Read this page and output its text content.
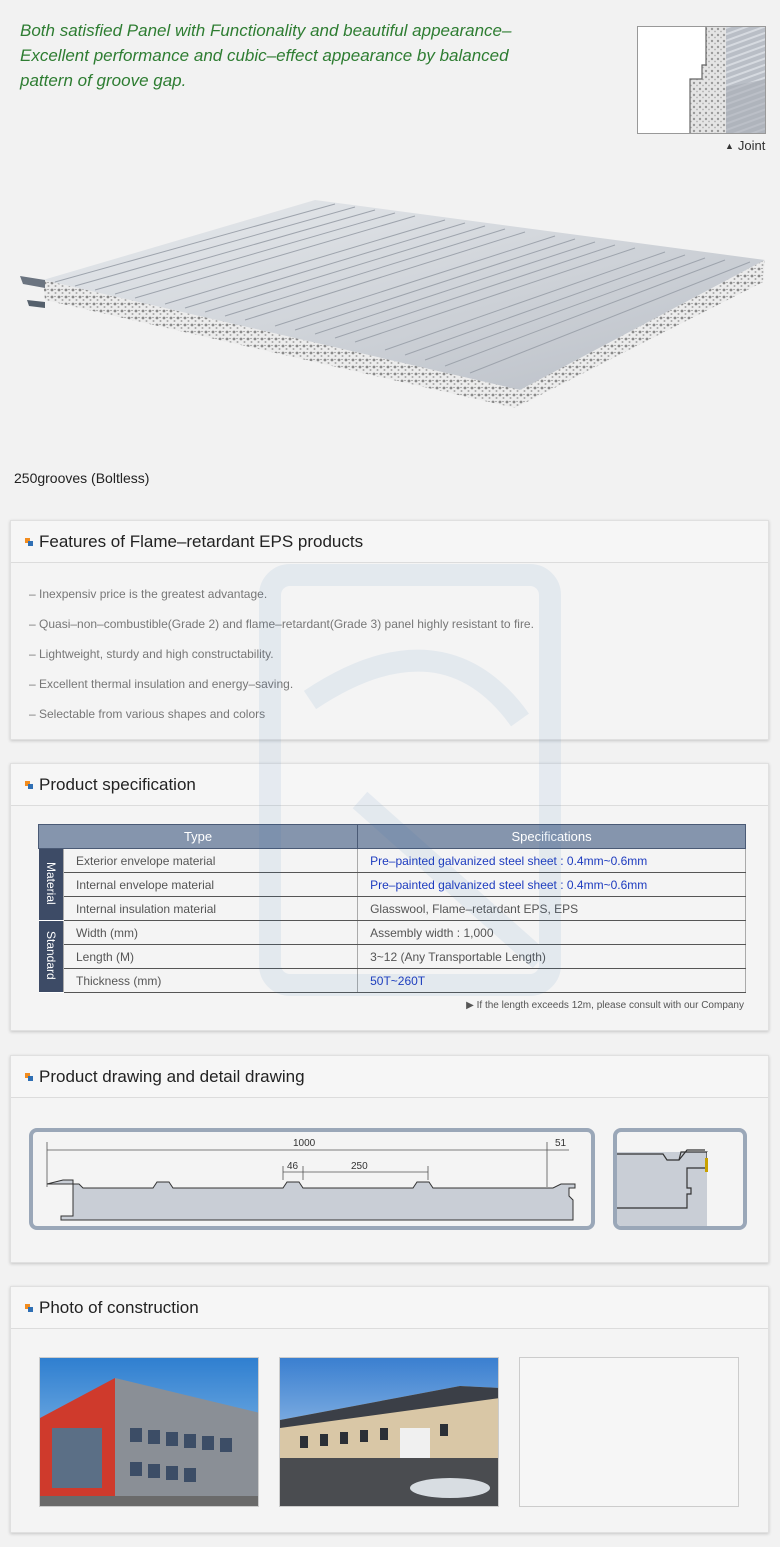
Both satisfied Panel with Functionality and beautiful appearance–
Excellent performance and cubic–effect appearance by balanced
pattern of groove gap.
▲ Joint
250grooves (Boltless)
Features of Flame–retardant EPS products
– Inexpensiv price is the greatest advantage.
– Quasi–non–combustible(Grade 2) and flame–retardant(Grade 3) panel highly resistant to fire.
– Lightweight, sturdy and high constructability.
– Excellent thermal insulation and energy–saving.
– Selectable from various shapes and colors
Product specification
Type		Specifications
Material	Exterior envelope material	Pre–painted galvanized steel sheet : 0.4mm~0.6mm
	Internal envelope material	Pre–painted galvanized steel sheet : 0.4mm~0.6mm
	Internal insulation material	Glasswool, Flame–retardant EPS, EPS
Standard	Width (mm)	Assembly width : 1,000
	Length (M)	3~12 (Any Transportable Length)
	Thickness (mm)	50T~260T
▶ If the length exceeds 12m, please consult with our Company
Product drawing and detail drawing
1000	51
46	250
Photo of construction
